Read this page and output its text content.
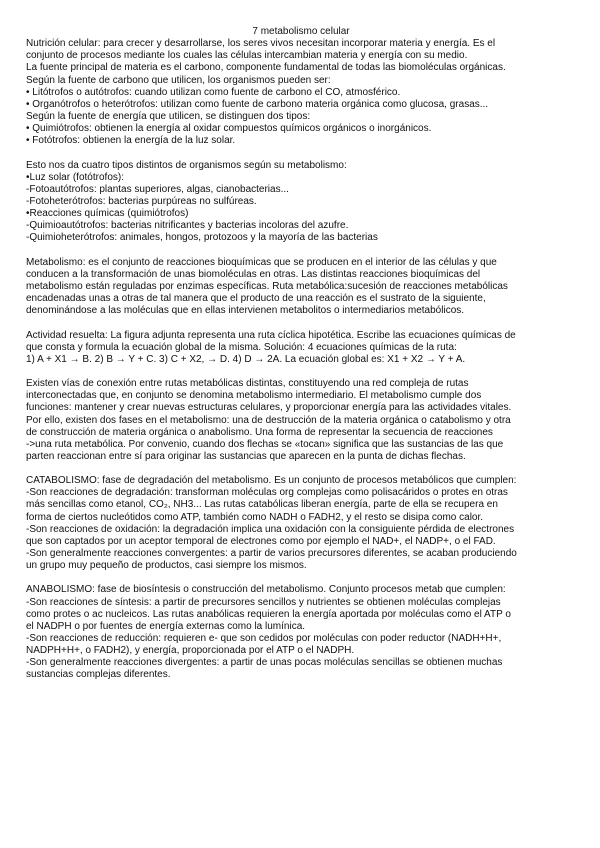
7 metabolismo celular
Nutrición celular: para crecer y desarrollarse, los seres vivos necesitan incorporar materia y energía. Es el
conjunto de procesos mediante los cuales las células intercambian materia y energía con su medio.
La fuente principal de materia es el carbono, componente fundamental de todas las biomoléculas orgánicas.
Según la fuente de carbono que utilicen, los organismos pueden ser:
• Litótrofos o autótrofos: cuando utilizan como fuente de carbono el CO, atmosférico.
• Organótrofos o heterótrofos: utilizan como fuente de carbono materia orgánica como glucosa, grasas...
Según la fuente de energía que utilicen, se distinguen dos tipos:
• Quimiótrofos: obtienen la energía al oxidar compuestos químicos orgánicos o inorgánicos.
• Fotótrofos: obtienen la energía de la luz solar.
Esto nos da cuatro tipos distintos de organismos según su metabolismo:
•Luz solar (fotótrofos):
-Fotoautótrofos: plantas superiores, algas, cianobacterias...
-Fotoheterótrofos: bacterias purpúreas no sulfúreas.
•Reacciones químicas (quimiótrofos)
-Quimioautótrofos: bacterias nitrificantes y bacterias incoloras del azufre.
-Quimioheterótrofos: animales, hongos, protozoos y la mayoría de las bacterias
Metabolismo: es el conjunto de reacciones bioquímicas que se producen en el interior de las células y que
conducen a la transformación de unas biomoléculas en otras. Las distintas reacciones bioquímicas del
metabolismo están reguladas por enzimas específicas. Ruta metabólica:sucesión de reacciones metabólicas
encadenadas unas a otras de tal manera que el producto de una reacción es el sustrato de la siguiente,
denominándose a las moléculas que en ellas intervienen metabolitos o intermediarios metabólicos.
Actividad resuelta: La figura adjunta representa una ruta cíclica hipotética. Escribe las ecuaciones químicas de
que consta y formula la ecuación global de la misma. Solución: 4 ecuaciones químicas de la ruta:
1) A + X1 → B. 2) B → Y + C. 3) C + X2, → D. 4) D → 2A. La ecuación global es: X1 + X2 → Y + A.
Existen vías de conexión entre rutas metabólicas distintas, constituyendo una red compleja de rutas
interconectadas que, en conjunto se denomina metabolismo intermediario. El metabolismo cumple dos
funciones: mantener y crear nuevas estructuras celulares, y proporcionar energía para las actividades vitales.
Por ello, existen dos fases en el metabolismo: una de destrucción de la materia orgánica o catabolismo y otra
de construcción de materia orgánica o anabolismo. Una forma de representar la secuencia de reacciones
->una ruta metabólica. Por convenio, cuando dos flechas se «tocan» significa que las sustancias de las que
parten reaccionan entre sí para originar las sustancias que aparecen en la punta de dichas flechas.
CATABOLISMO: fase de degradación del metabolismo. Es un conjunto de procesos metabólicos que cumplen:
-Son reacciones de degradación: transforman moléculas org complejas como polisacáridos o protes en otras
más sencillas como etanol, CO₂, NH3... Las rutas catabólicas liberan energía, parte de ella se recupera en
forma de ciertos nucleótidos como ATP, también como NADH o FADH2, y el resto se disipa como calor.
-Son reacciones de oxidación: la degradación implica una oxidación con la consiguiente pérdida de electrones
que son captados por un aceptor temporal de electrones como por ejemplo el NAD+, el NADP+, o el FAD.
-Son generalmente reacciones convergentes: a partir de varios precursores diferentes, se acaban produciendo
un grupo muy pequeño de productos, casi siempre los mismos.
ANABOLISMO: fase de biosíntesis o construcción del metabolismo. Conjunto procesos metab que cumplen:
-Son reacciones de síntesis: a partir de precursores sencillos y nutrientes se obtienen moléculas complejas
como protes o ac nucleicos. Las rutas anabólicas requieren la energía aportada por moléculas como el ATP o
el NADPH o por fuentes de energía externas como la lumínica.
-Son reacciones de reducción: requieren e- que son cedidos por moléculas con poder reductor (NADH+H+,
NADPH+H+, o FADH2), y energía, proporcionada por el ATP o el NADPH.
-Son generalmente reacciones divergentes: a partir de unas pocas moléculas sencillas se obtienen muchas
sustancias complejas diferentes.
